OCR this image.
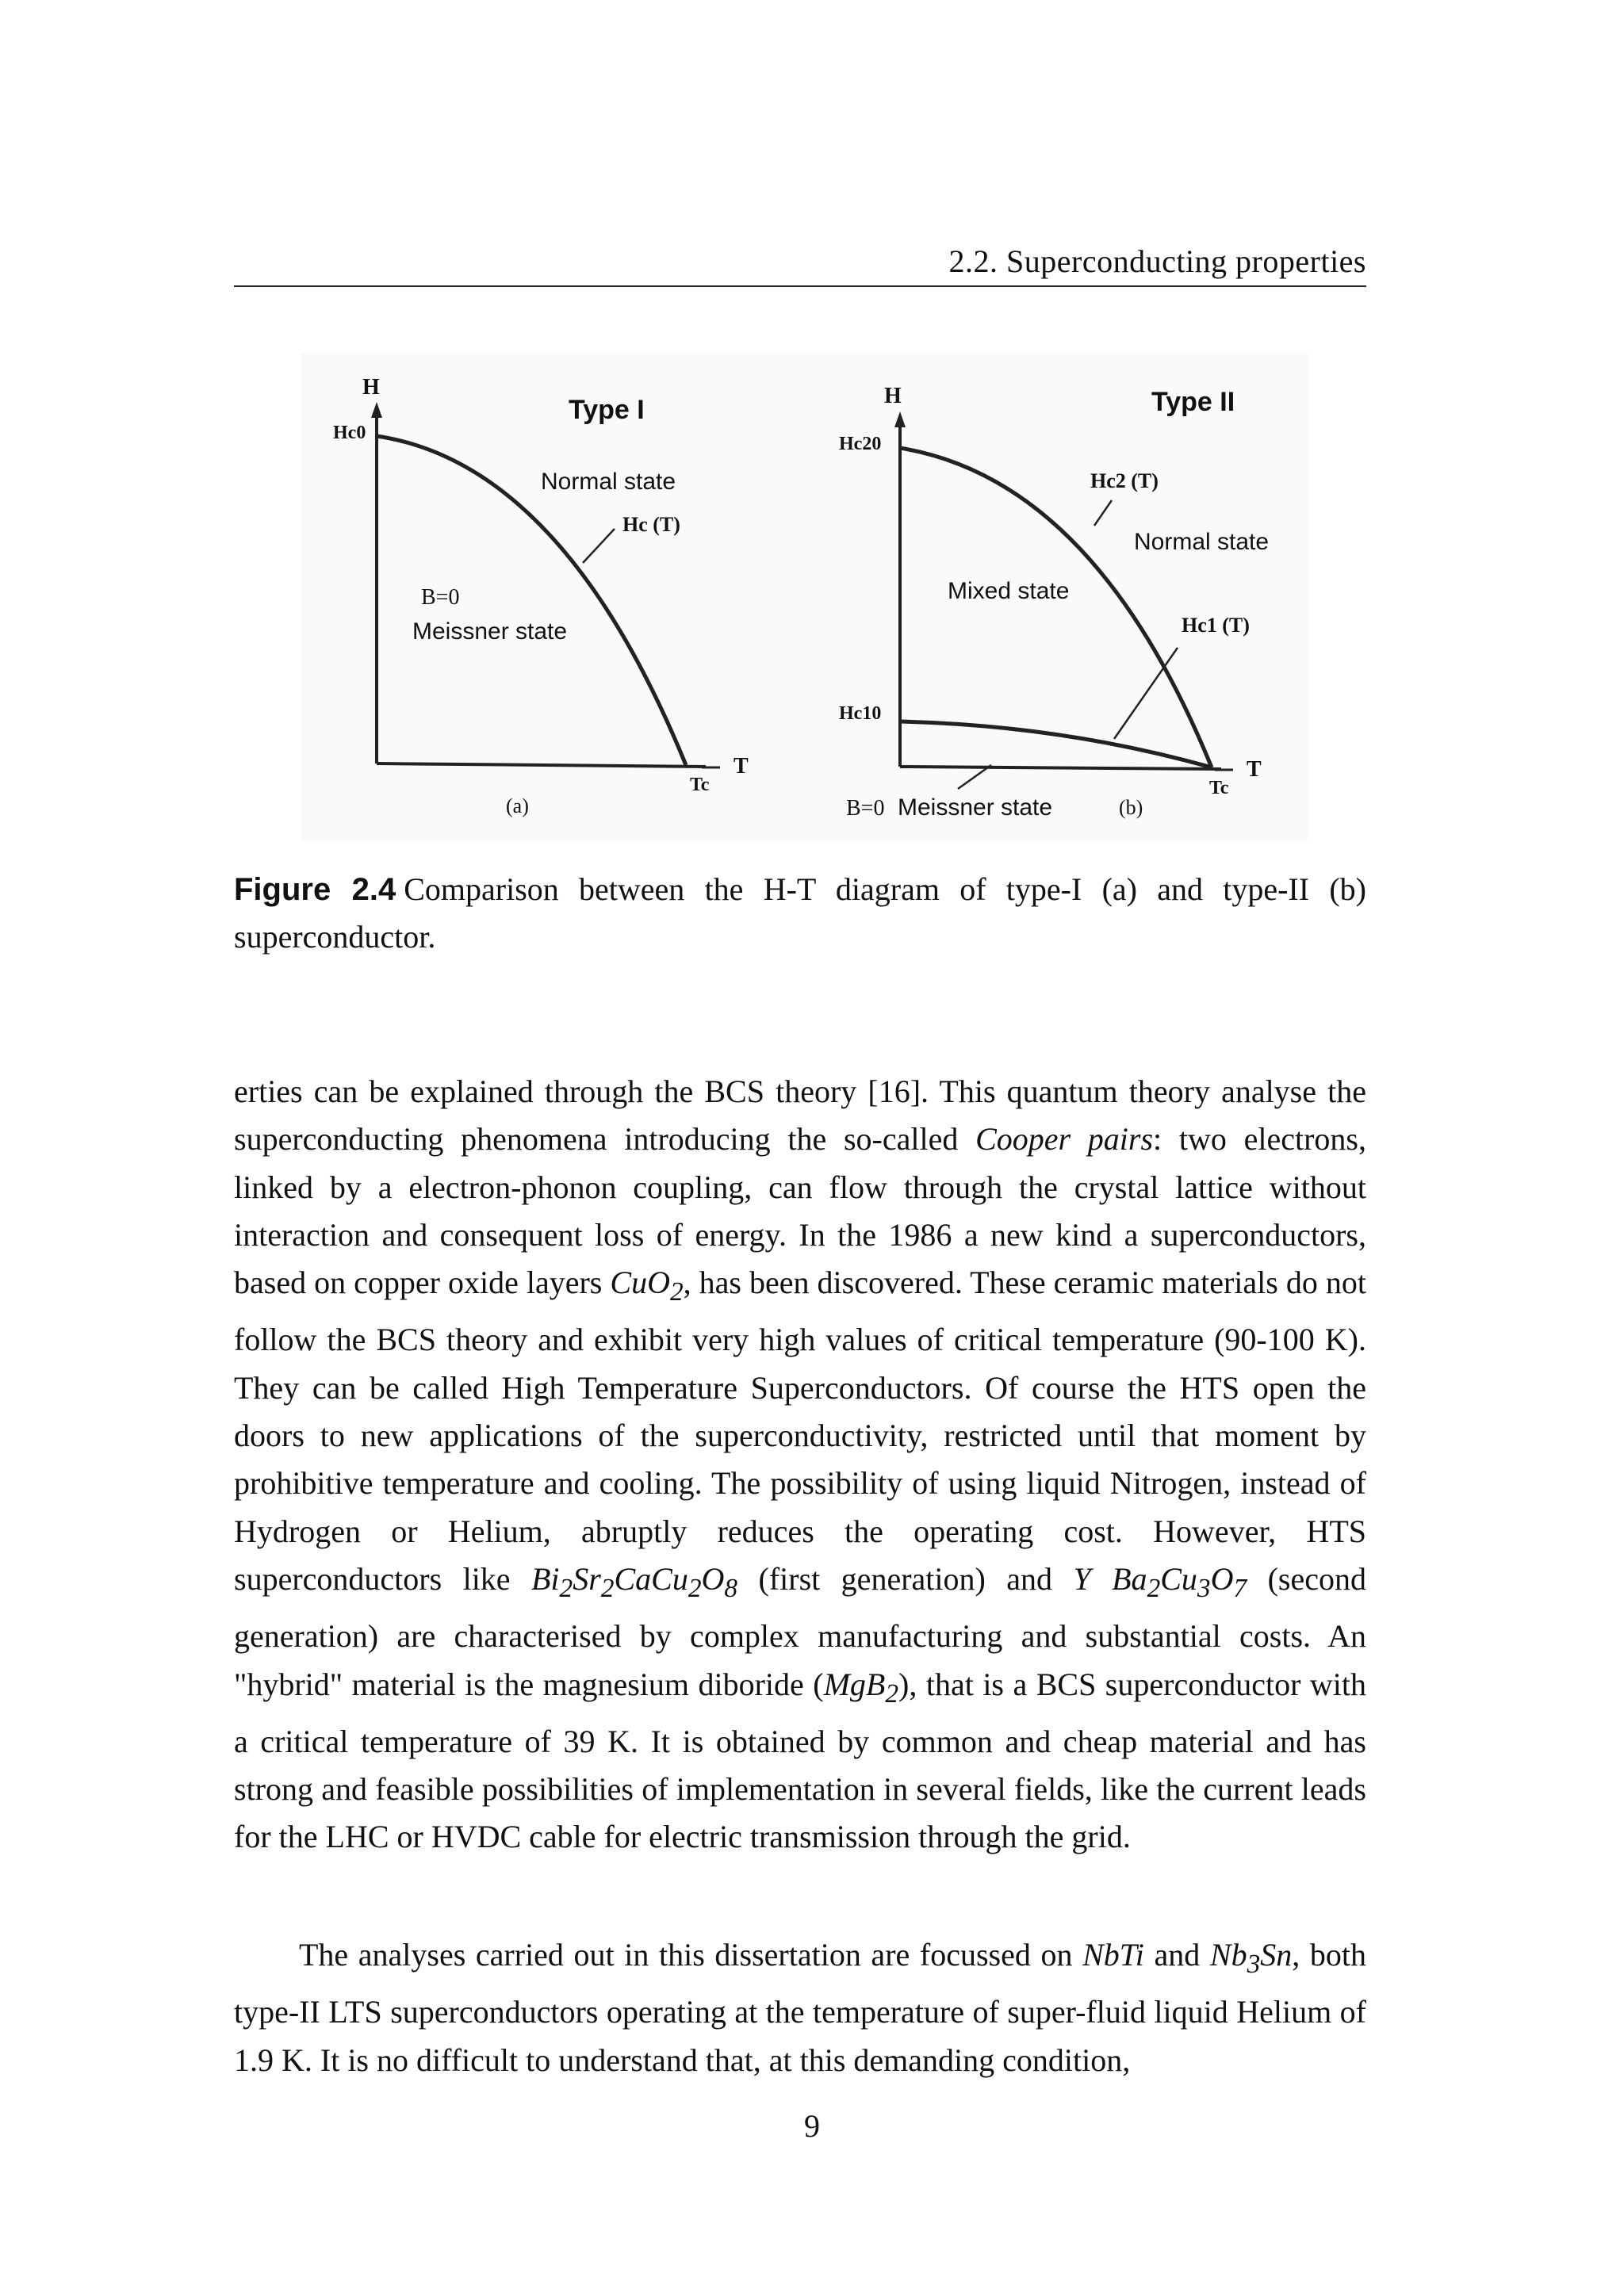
2.2. Superconducting properties
H
Hc0
Hc (T)
Tc
T
Type I
Normal state
B=0
Meissner state
(a)
H
Hc20
Hc2 (T)
Hc1 (T)
Hc10
Tc
T
Type II
Normal state
Mixed state
B=0 Meissner state	(b)
Figure 2.4 Comparison between the H-T diagram of type-I (a) and type-II (b) superconductor.

erties can be explained through the BCS theory [16]. This quantum theory analyse the superconducting phenomena introducing the so-called Cooper pairs: two electrons, linked by a electron-phonon coupling, can flow through the crystal lattice without interaction and consequent loss of energy. In the 1986 a new kind a superconductors, based on copper oxide layers CuO$_2$, has been discovered. These ceramic materials do not follow the BCS theory and exhibit very high values of critical temperature (90-100 K). They can be called High Temperature Superconductors. Of course the HTS open the doors to new applications of the superconductivity, restricted until that moment by prohibitive temperature and cooling. The possibility of using liquid Nitrogen, instead of Hydrogen or Helium, abruptly reduces the operating cost. However, HTS superconductors like $Bi_2Sr_2CaCu_2O_8$ (first generation) and Y $Ba_2Cu_3O_7$ (second generation) are characterised by complex manufacturing and substantial costs. An "hybrid" material is the magnesium diboride (MgB$_2$), that is a BCS superconductor with a critical temperature of 39 K. It is obtained by common and cheap material and has strong and feasible possibilities of implementation in several fields, like the current leads for the LHC or HVDC cable for electric transmission through the grid.

The analyses carried out in this dissertation are focussed on NbTi and $Nb_3Sn$, both type-II LTS superconductors operating at the temperature of super-fluid liquid Helium of 1.9 K. It is no difficult to understand that, at this demanding condition,

9
